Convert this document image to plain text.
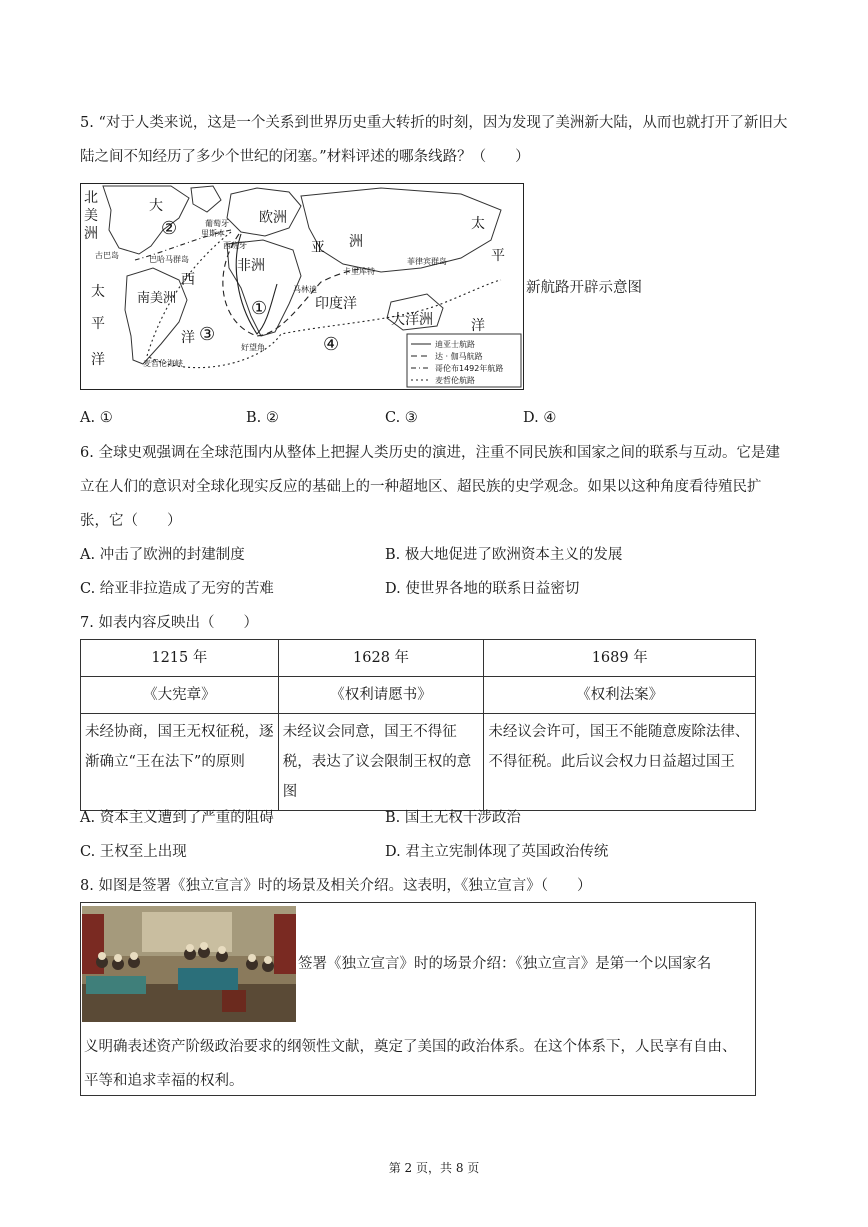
5. “对于人类来说，这是一个关系到世界历史重大转折的时刻，因为发现了美洲新大陆，从而也就打开了新旧大陆之间不知经历了多少个世纪的闭塞。”材料评述的哪条线路？（　　）
大
西
洋
欧洲
非洲
亚 洲
南美洲	印度洋
大洋洲
北
美
洲
太
平
洋
太
平
洋
葡萄牙
里斯本
西班牙
古巴岛	巴哈马群岛
卡里库特
菲律宾群岛
马林迪
好望角
麦哲伦海峡
①
②
③	④	迪亚士航路
达 · 伽马航路
哥伦布1492年航路
麦哲伦航路
新航路开辟示意图
A. ①	B. ②	C. ③	D. ④
6. 全球史观强调在全球范围内从整体上把握人类历史的演进，注重不同民族和国家之间的联系与互动。它是建立在人们的意识对全球化现实反应的基础上的一种超地区、超民族的史学观念。如果以这种角度看待殖民扩张，它（　　）
A. 冲击了欧洲的封建制度	B. 极大地促进了欧洲资本主义的发展
C. 给亚非拉造成了无穷的苦难	D. 使世界各地的联系日益密切
7. 如表内容反映出（　　）
1215 年	1628 年	1689 年
《大宪章》	《权利请愿书》	《权利法案》
未经协商，国王无权征税，逐渐确立“王在法下”的原则	未经议会同意，国王不得征税，表达了议会限制王权的意图	未经议会许可，国王不能随意废除法律、不得征税。此后议会权力日益超过国王
A. 资本主义遭到了严重的阻碍	B. 国王无权干涉政治
C. 王权至上出现	D. 君主立宪制体现了英国政治传统
8. 如图是签署《独立宣言》时的场景及相关介绍。这表明，《独立宣言》（　　）
签署《独立宣言》时的场景介绍：《独立宣言》是第一个以国家名
义明确表述资产阶级政治要求的纲领性文献，奠定了美国的政治体系。在这个体系下，人民享有自由、平等和追求幸福的权利。
第 2 页，共 8 页
